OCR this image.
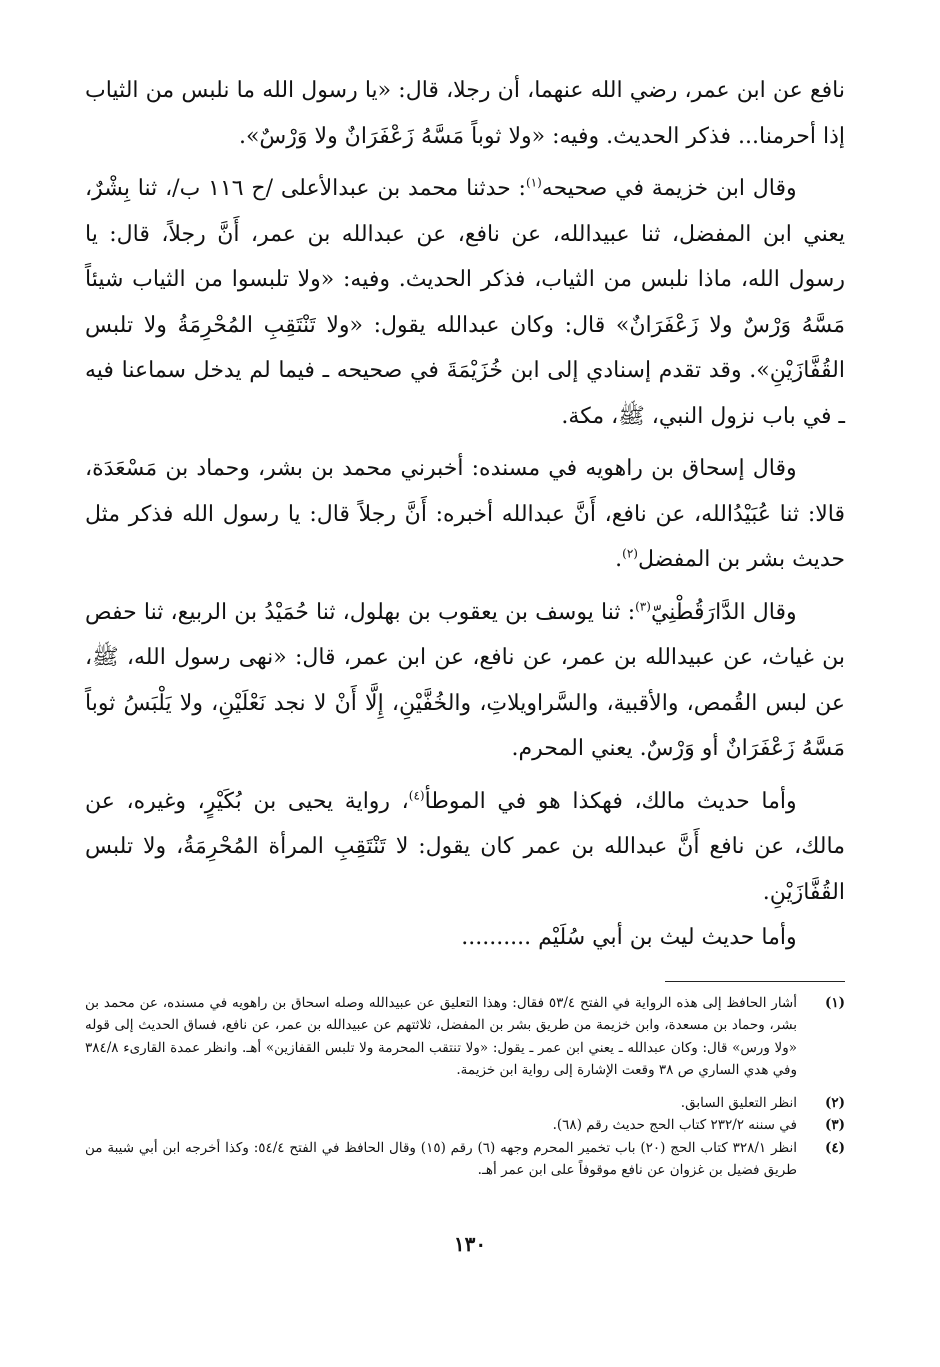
نافع عن ابن عمر، رضي الله عنهما، أن رجلا، قال: «يا رسول الله ما نلبس من الثياب إذا أحرمنا... فذكر الحديث. وفيه: «ولا ثوباً مَسَّهُ زَعْفَرَانٌ ولا وَرْسٌ».

وقال ابن خزيمة في صحيحه$^{(١)}$: حدثنا محمد بن عبدالأعلى /ح ١١٦ ب/، ثنا بِشْرٌ، يعني ابن المفضل، ثنا عبيدالله، عن نافع، عن عبدالله بن عمر، أَنَّ رجلاً، قال: يا رسول الله، ماذا نلبس من الثياب، فذكر الحديث. وفيه: «ولا تلبسوا من الثياب شيئاً مَسَّهُ وَرْسٌ ولا زَعْفَرَانٌ» قال: وكان عبدالله يقول: «ولا تَنْتَقِبِ المُحْرِمَةُ ولا تلبس القُفَّازَيْنِ». وقد تقدم إسنادي إلى ابن خُزَيْمَةَ في صحيحه ـ فيما لم يدخل سماعنا فيه ـ في باب نزول النبي، ﷺ، مكة.

وقال إسحاق بن راهويه في مسنده: أخبرني محمد بن بشر، وحماد بن مَسْعَدَة، قالا: ثنا عُبَيْدُالله، عن نافع، أَنَّ عبدالله أخبره: أَنَّ رجلاً قال: يا رسول الله فذكر مثل حديث بشر بن المفضل$^{(٢)}$.

وقال الدَّارَقُطْنِيّ$^{(٣)}$: ثنا يوسف بن يعقوب بن بهلول، ثنا حُمَيْدُ بن الربيع، ثنا حفص بن غياث، عن عبيدالله بن عمر، عن نافع، عن ابن عمر، قال: «نهى رسول الله، ﷺ، عن لبس القُمص، والأقبية، والسَّراويلاتِ، والخُفَّيْنِ، إِلَّا أَنْ لا نجد نَعْلَيْنِ، ولا يَلْبَسُ ثوباً مَسَّهُ زَعْفَرَانٌ أو وَرْسٌ. يعني المحرم.

وأما حديث مالك، فهكذا هو في الموطأ$^{(٤)}$، رواية يحيى بن بُكَيْرٍ، وغيره، عن مالك، عن نافع أَنَّ عبدالله بن عمر كان يقول: لا تَنْتَقِبِ المرأة المُحْرِمَةُ، ولا تلبس القُفَّازَيْنِ.

وأما حديث ليث بن أبي سُلَيْم ..........

(١)
أشار الحافظ إلى هذه الرواية في الفتح ٥٣/٤ فقال: وهذا التعليق عن عبيدالله وصله اسحاق بن راهويه في مسنده، عن محمد بن بشر، وحماد بن مسعدة، وابن خزيمة من طريق بشر بن المفضل، ثلاثتهم عن عبيدالله بن عمر، عن نافع، فساق الحديث إلى قوله «ولا ورس» قال: وكان عبدالله ـ يعني ابن عمر ـ يقول: «ولا تنتقب المحرمة ولا تلبس القفازين» أهـ. وانظر عمدة القارىء ٣٨٤/٨ وفي هدي الساري ص ٣٨ وقعت الإشارة إلى رواية ابن خزيمة.
(٢)
انظر التعليق السابق.
(٣)
في سننه ٢٣٢/٢ كتاب الحج حديث رقم (٦٨).
(٤)
انظر ٣٢٨/١ كتاب الحج (٢٠) باب تخمير المحرم وجهه (٦) رقم (١٥) وقال الحافظ في الفتح ٥٤/٤: وكذا أخرجه ابن أبي شيبة من طريق فضيل بن غزوان عن نافع موقوفاً على ابن عمر أهـ.
١٣٠
